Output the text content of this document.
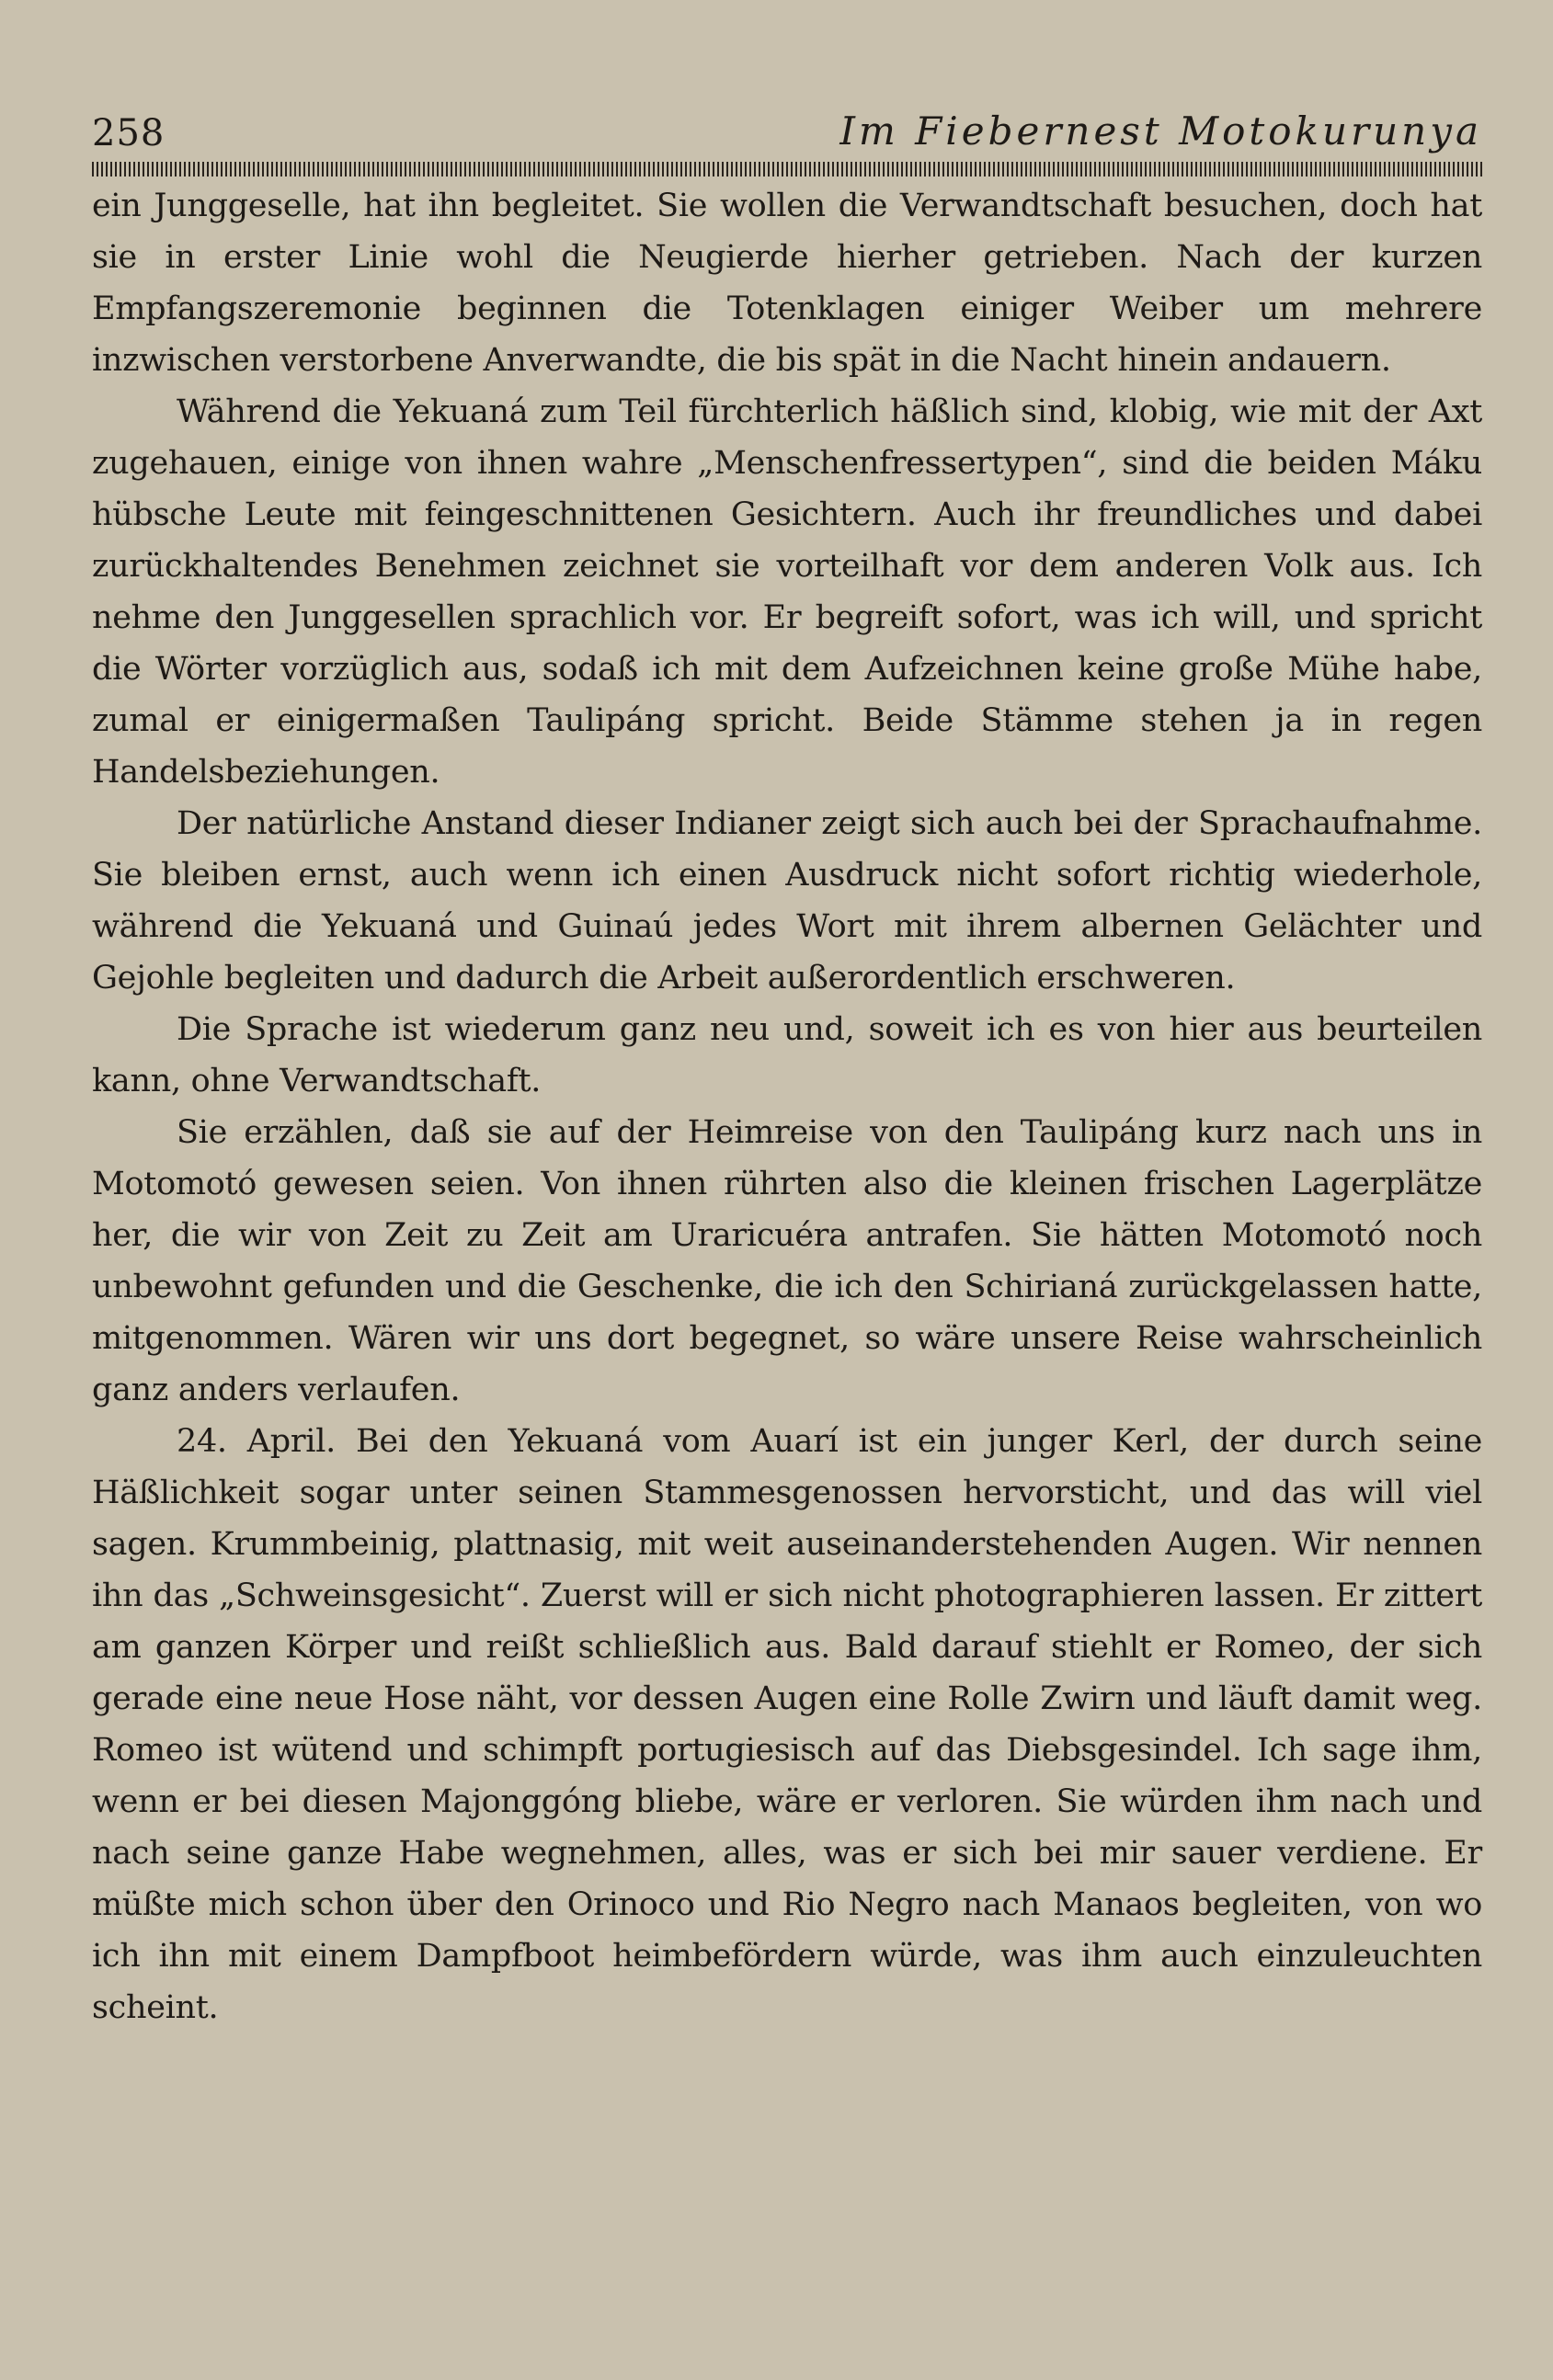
258	Im Fiebernest Motokurunya

ein Junggeselle, hat ihn begleitet. Sie wollen die Verwandtschaft besuchen, doch hat sie in erster Linie wohl die Neugierde hierher getrieben. Nach der kurzen Empfangszeremonie beginnen die Totenklagen einiger Weiber um mehrere inzwischen verstorbene Anverwandte, die bis spät in die Nacht hinein andauern.

Während die Yekuaná zum Teil fürchterlich häßlich sind, klobig, wie mit der Axt zugehauen, einige von ihnen wahre „Menschenfressertypen“, sind die beiden Máku hübsche Leute mit feingeschnittenen Gesichtern. Auch ihr freundliches und dabei zurückhaltendes Benehmen zeichnet sie vorteilhaft vor dem anderen Volk aus. Ich nehme den Junggesellen sprachlich vor. Er begreift sofort, was ich will, und spricht die Wörter vorzüglich aus, sodaß ich mit dem Aufzeichnen keine große Mühe habe, zumal er einigermaßen Taulipáng spricht. Beide Stämme stehen ja in regen Handelsbeziehungen.

Der natürliche Anstand dieser Indianer zeigt sich auch bei der Sprachaufnahme. Sie bleiben ernst, auch wenn ich einen Ausdruck nicht sofort richtig wiederhole, während die Yekuaná und Guinaú jedes Wort mit ihrem albernen Gelächter und Gejohle begleiten und dadurch die Arbeit außerordentlich erschweren.

Die Sprache ist wiederum ganz neu und, soweit ich es von hier aus beurteilen kann, ohne Verwandtschaft.

Sie erzählen, daß sie auf der Heimreise von den Taulipáng kurz nach uns in Motomotó gewesen seien. Von ihnen rührten also die kleinen frischen Lagerplätze her, die wir von Zeit zu Zeit am Uraricuéra antrafen. Sie hätten Motomotó noch unbewohnt gefunden und die Geschenke, die ich den Schirianá zurückgelassen hatte, mitgenommen. Wären wir uns dort begegnet, so wäre unsere Reise wahrscheinlich ganz anders verlaufen.

24. April. Bei den Yekuaná vom Auarí ist ein junger Kerl, der durch seine Häßlichkeit sogar unter seinen Stammesgenossen hervorsticht, und das will viel sagen. Krummbeinig, plattnasig, mit weit auseinanderstehenden Augen. Wir nennen ihn das „Schweinsgesicht“. Zuerst will er sich nicht photographieren lassen. Er zittert am ganzen Körper und reißt schließlich aus. Bald darauf stiehlt er Romeo, der sich gerade eine neue Hose näht, vor dessen Augen eine Rolle Zwirn und läuft damit weg. Romeo ist wütend und schimpft portugiesisch auf das Diebsgesindel. Ich sage ihm, wenn er bei diesen Majonggóng bliebe, wäre er verloren. Sie würden ihm nach und nach seine ganze Habe wegnehmen, alles, was er sich bei mir sauer verdiene. Er müßte mich schon über den Orinoco und Rio Negro nach Manaos begleiten, von wo ich ihn mit einem Dampfboot heimbefördern würde, was ihm auch einzuleuchten scheint.
